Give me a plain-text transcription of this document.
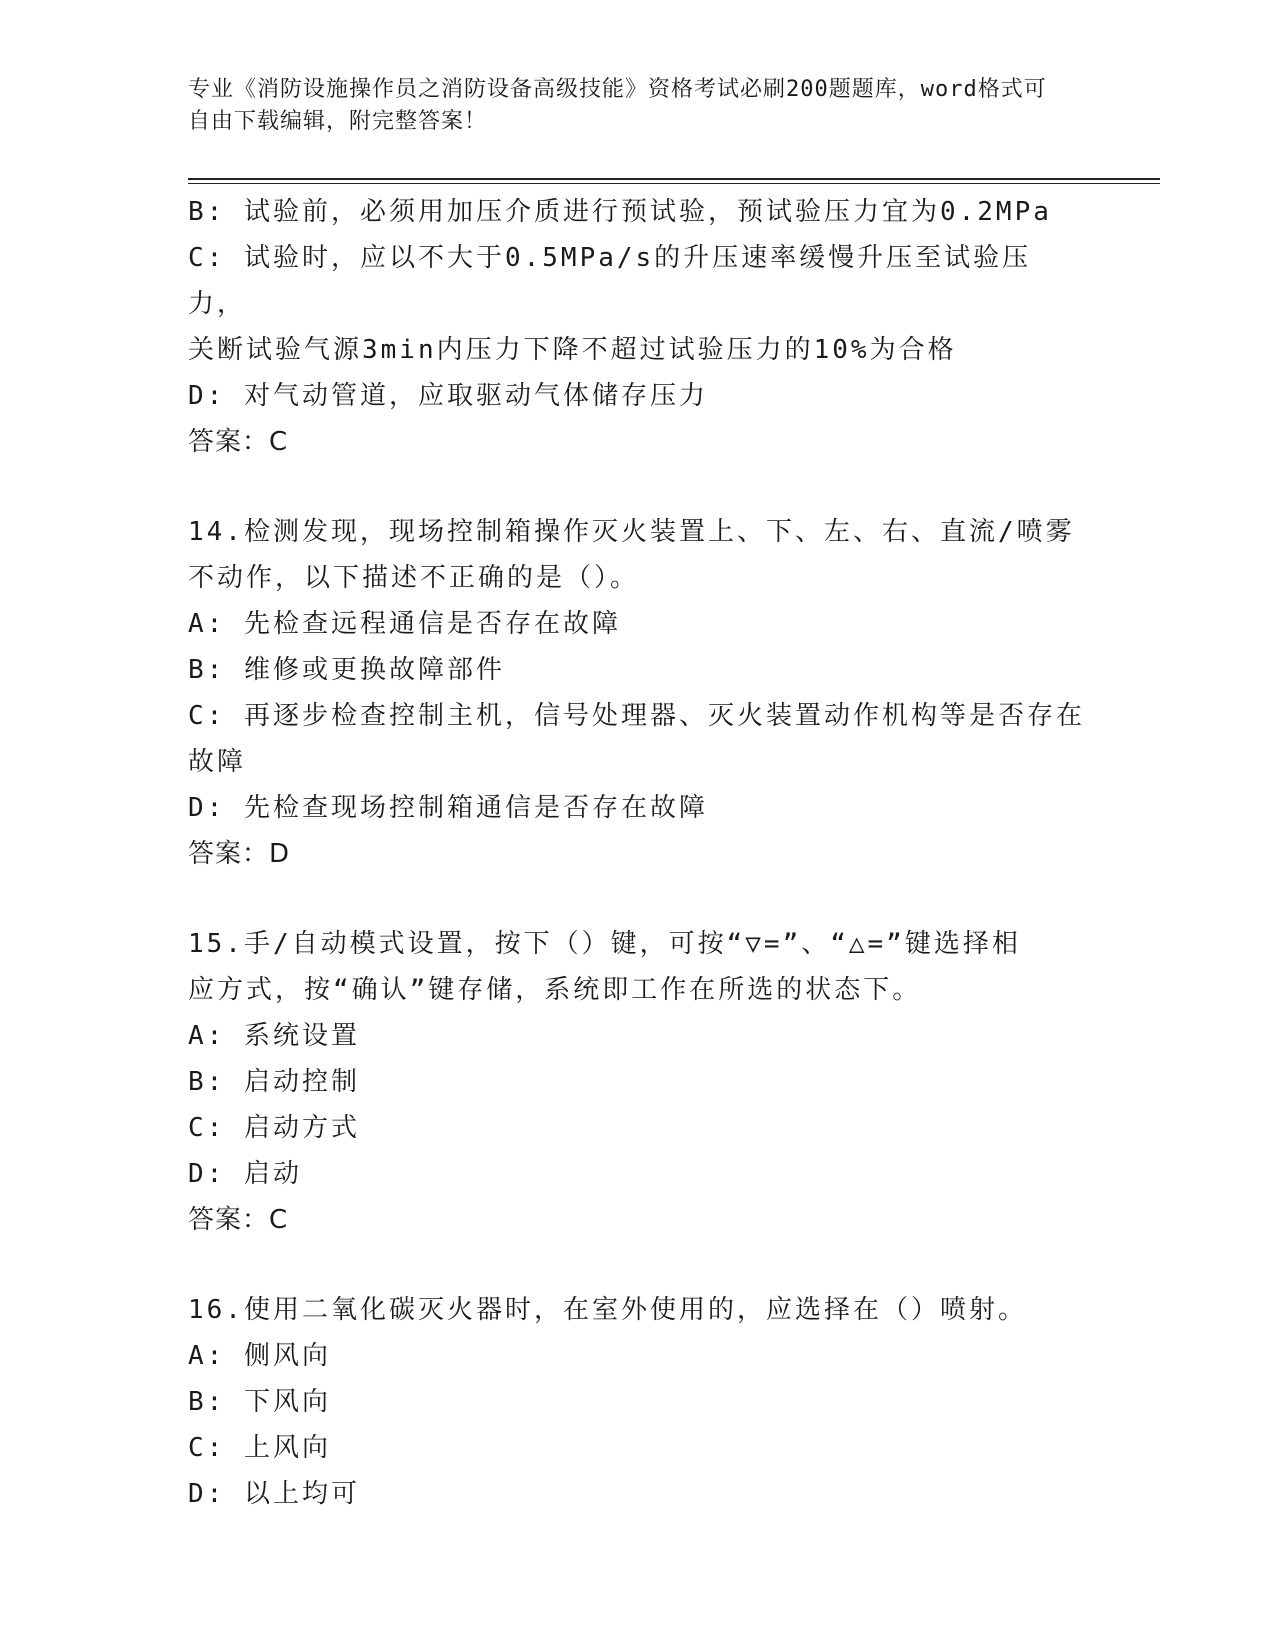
专业《消防设施操作员之消防设备高级技能》资格考试必刷200题题库，word格式可自由下载编辑，附完整答案！
B: 试验前，必须用加压介质进行预试验，预试验压力宜为0.2MPa
C: 试验时，应以不大于0.5MPa/s的升压速率缓慢升压至试验压力，
关断试验气源3min内压力下降不超过试验压力的10%为合格
D: 对气动管道，应取驱动气体储存压力
答案：C
14.检测发现，现场控制箱操作灭火装置上、下、左、右、直流/喷雾
不动作，以下描述不正确的是（）。
A: 先检查远程通信是否存在故障
B: 维修或更换故障部件
C: 再逐步检查控制主机，信号处理器、灭火装置动作机构等是否存在
故障
D: 先检查现场控制箱通信是否存在故障
答案：D
15.手/自动模式设置，按下（）键，可按“▽=”、“△=”键选择相
应方式，按“确认”键存储，系统即工作在所选的状态下。
A: 系统设置
B: 启动控制
C: 启动方式
D: 启动
答案：C
16.使用二氧化碳灭火器时，在室外使用的，应选择在（）喷射。
A: 侧风向
B: 下风向
C: 上风向
D: 以上均可
